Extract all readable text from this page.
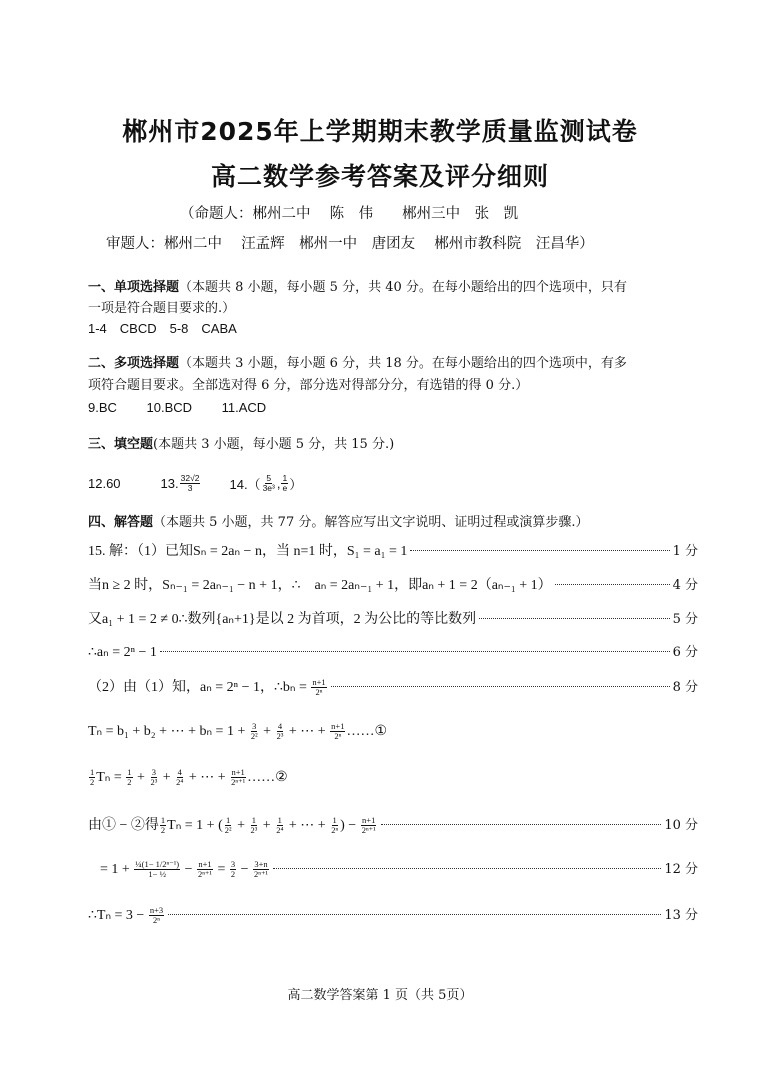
郴州市2025年上学期期末教学质量监测试卷
高二数学参考答案及评分细则
（命题人：郴州二中　 陈　伟　　郴州三中　张　凯
审题人：郴州二中　 汪孟辉　郴州一中　唐团友　 郴州市教科院　汪昌华）
一、单项选择题（本题共 8 小题，每小题 5 分，共 40 分。在每小题给出的四个选项中，只有
一项是符合题目要求的.）
1-4　CBCD　5-8　CABA
二、多项选择题（本题共 3 小题，每小题 6 分，共 18 分。在每小题给出的四个选项中，有多
项符合题目要求。全部选对得 6 分，部分选对得部分分，有选错的得 0 分.）
9.BC　　 10.BCD　　 11.ACD
三、填空题(本题共 3 小题，每小题 5 分，共 15 分.)
12.60	13. $\frac{32√2}{3} 14.( \frac{5}{\text{3e³}}$ , $\frac{1}{e}$ ）
四、解答题（本题共 5 小题，共 77 分。解答应写出文字说明、证明过程或演算步骤.）
15. 解：（1）已知Sₙ = 2aₙ − n，当 n=1 时，S₁ = a₁ = 1	1 分
当n ≥ 2 时，Sₙ₋₁ = 2aₙ₋₁ − n + 1，∴　aₙ = 2aₙ₋₁ + 1，即aₙ + 1 = 2（aₙ₋₁ + 1）	4 分
又a₁ + 1 = 2 ≠ 0∴数列{aₙ+1}是以 2 为首项，2 为公比的等比数列	5 分
∴aₙ = 2ⁿ − 1	6 分
（2）由（1）知，aₙ = 2ⁿ − 1，∴bₙ = $\frac{n+1}{\text{2ⁿ}}$	8 分
Tₙ = b₁ + b₂ + ⋯ + $b_n = 1 + \frac{3}{\text{2²}} + \frac{4}{\text{2³}}$ + ⋯ + $\frac{n+1}{\text{2ⁿ}}$ ……①
$\frac{1}{2}$ $T_n = \frac{1}{2} + \frac{3}{\text{2³}} + \frac{4}{\text{2⁴}}$ + ⋯ + $\frac{n+1}{\text{2ⁿ⁺¹}}$ ……②
由① − ②得 $\frac{1}{2}$ Tₙ = 1 + ( $\frac{1}{\text{2²}} + \frac{1}{\text{2³}} + \frac{1}{\text{2⁴}}$ + ⋯ + $\frac{1}{\text{2ⁿ}}$ ) − $\frac{n+1}{\text{2ⁿ⁺¹}}$	10 分
= $1 + \frac{\text{¼(1− 1/2ⁿ⁻¹)}}{\text{1− ½}} - \frac{n+1}{\text{2ⁿ⁺¹}} = \frac{3}{2} - \frac{3+n}{\text{2ⁿ⁺¹}}$	12 分
∴Tₙ = $3 - \frac{n+3}{\text{2ⁿ}}$	13 分
高二数学答案第 1 页（共 5页）
